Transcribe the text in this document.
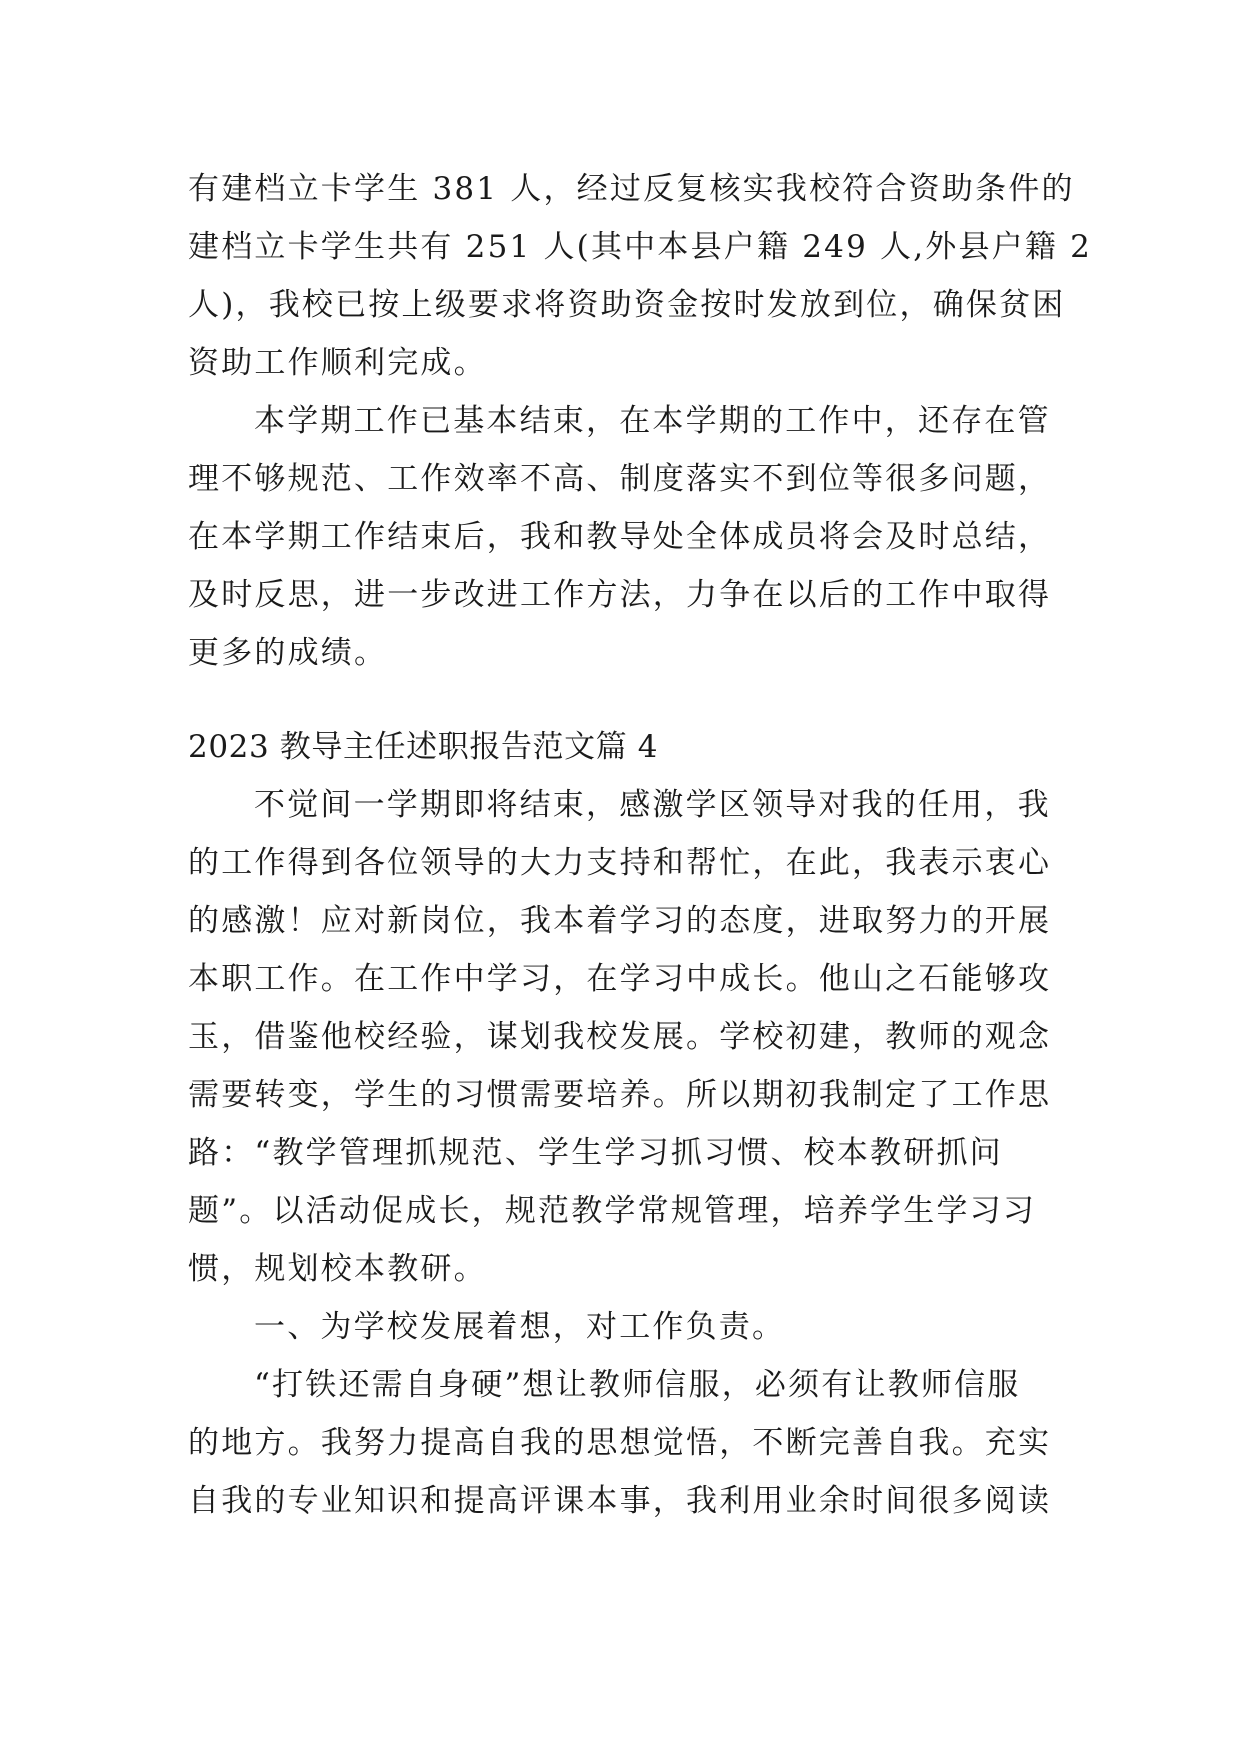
有建档立卡学生 381 人，经过反复核实我校符合资助条件的
建档立卡学生共有 251 人(其中本县户籍 249 人,外县户籍 2
人)，我校已按上级要求将资助资金按时发放到位，确保贫困
资助工作顺利完成。
本学期工作已基本结束，在本学期的工作中，还存在管
理不够规范、工作效率不高、制度落实不到位等很多问题，
在本学期工作结束后，我和教导处全体成员将会及时总结，
及时反思，进一步改进工作方法，力争在以后的工作中取得
更多的成绩。
2023 教导主任述职报告范文篇 4
不觉间一学期即将结束，感激学区领导对我的任用，我
的工作得到各位领导的大力支持和帮忙，在此，我表示衷心
的感激！应对新岗位，我本着学习的态度，进取努力的开展
本职工作。在工作中学习，在学习中成长。他山之石能够攻
玉，借鉴他校经验，谋划我校发展。学校初建，教师的观念
需要转变，学生的习惯需要培养。所以期初我制定了工作思
路：“教学管理抓规范、学生学习抓习惯、校本教研抓问
题”。以活动促成长，规范教学常规管理，培养学生学习习
惯，规划校本教研。
一、为学校发展着想，对工作负责。
“打铁还需自身硬”想让教师信服，必须有让教师信服
的地方。我努力提高自我的思想觉悟，不断完善自我。充实
自我的专业知识和提高评课本事，我利用业余时间很多阅读
